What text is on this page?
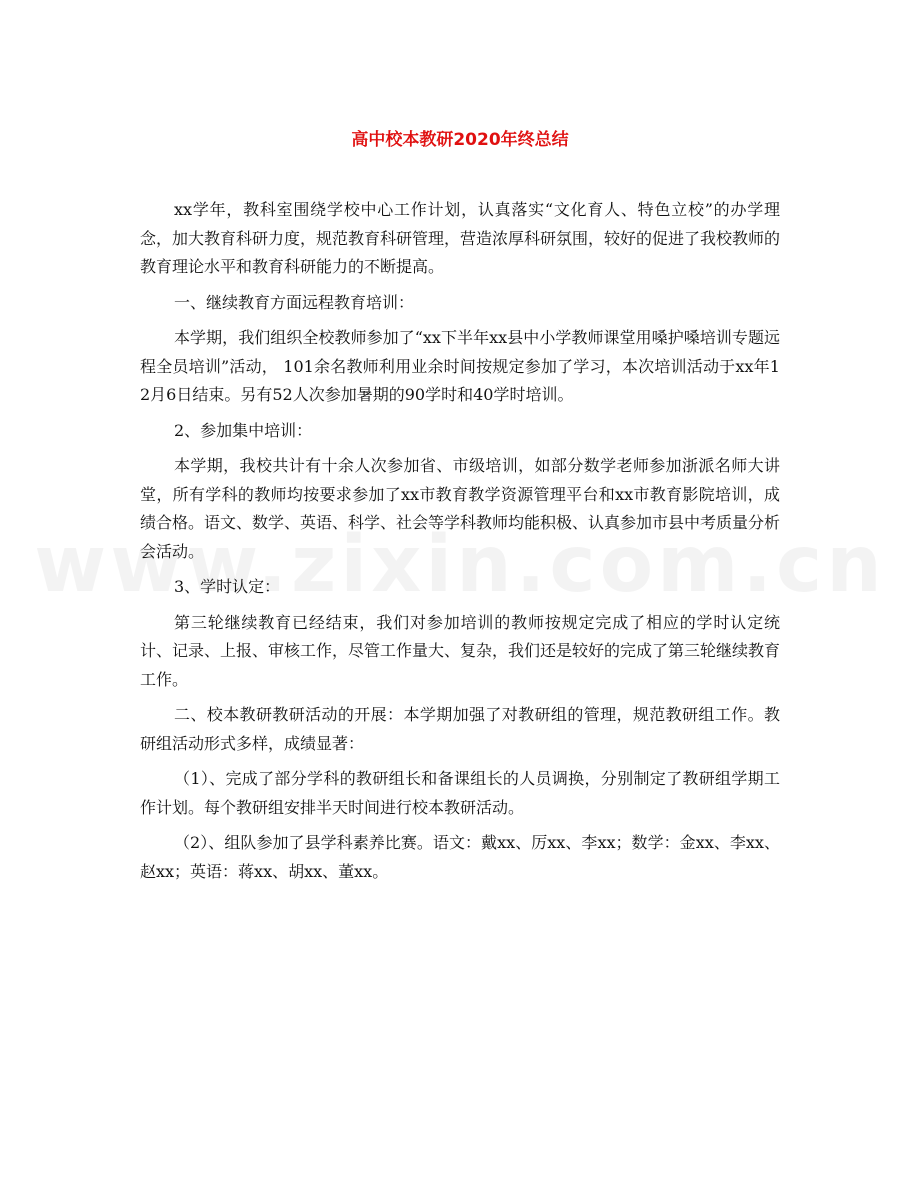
高中校本教研2020年终总结

xx学年，教科室围绕学校中心工作计划，认真落实“文化育人、特色立校”的办学理念，加大教育科研力度，规范教育科研管理，营造浓厚科研氛围，较好的促进了我校教师的教育理论水平和教育科研能力的不断提高。

一、继续教育方面远程教育培训：

本学期，我们组织全校教师参加了“xx下半年xx县中小学教师课堂用嗓护嗓培训专题远程全员培训”活动， 101余名教师利用业余时间按规定参加了学习，本次培训活动于xx年12月6日结束。另有52人次参加暑期的90学时和40学时培训。

2、参加集中培训：

本学期，我校共计有十余人次参加省、市级培训，如部分数学老师参加浙派名师大讲堂，所有学科的教师均按要求参加了xx市教育教学资源管理平台和xx市教育影院培训，成绩合格。语文、数学、英语、科学、社会等学科教师均能积极、认真参加市县中考质量分析会活动。

3、学时认定：

第三轮继续教育已经结束，我们对参加培训的教师按规定完成了相应的学时认定统计、记录、上报、审核工作，尽管工作量大、复杂，我们还是较好的完成了第三轮继续教育工作。

二、校本教研教研活动的开展：本学期加强了对教研组的管理，规范教研组工作。教研组活动形式多样，成绩显著：

（1）、完成了部分学科的教研组长和备课组长的人员调换，分别制定了教研组学期工作计划。每个教研组安排半天时间进行校本教研活动。

（2）、组队参加了县学科素养比赛。语文：戴xx、厉xx、李xx；数学：金xx、李xx、赵xx；英语：蒋xx、胡xx、董xx。
